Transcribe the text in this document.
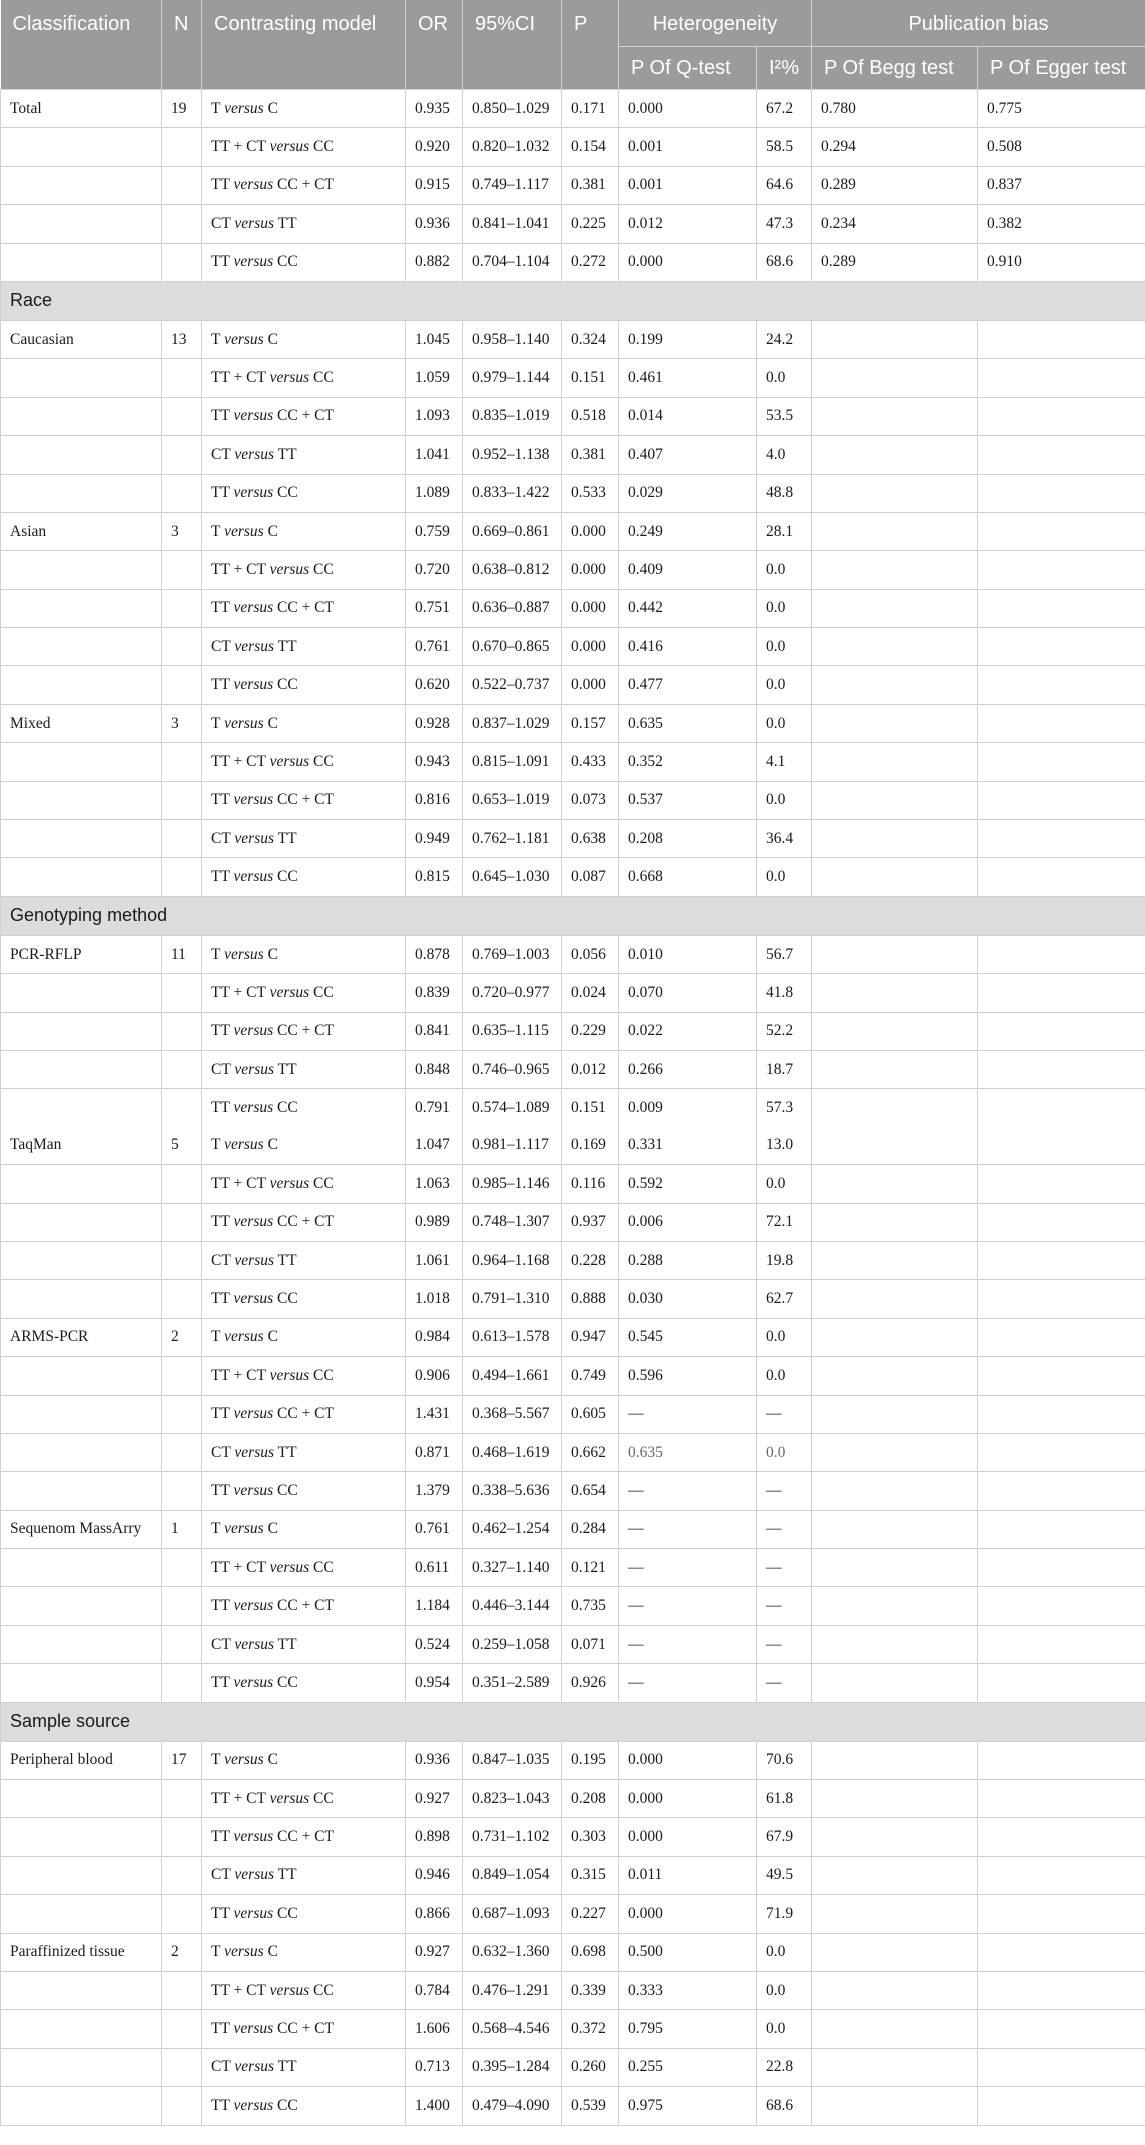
Classification	N	Contrasting model	OR	95%CI	P	Heterogeneity		Publication bias	
						P Of Q-test	I²%	P Of Begg test	P Of Egger test
Total	19	T versus C	0.935	0.850–1.029	0.171	0.000	67.2	0.780	0.775
		TT + CT versus CC	0.920	0.820–1.032	0.154	0.001	58.5	0.294	0.508
		TT versus CC + CT	0.915	0.749–1.117	0.381	0.001	64.6	0.289	0.837
		CT versus TT	0.936	0.841–1.041	0.225	0.012	47.3	0.234	0.382
		TT versus CC	0.882	0.704–1.104	0.272	0.000	68.6	0.289	0.910
Race									
Caucasian	13	T versus C	1.045	0.958–1.140	0.324	0.199	24.2		
		TT + CT versus CC	1.059	0.979–1.144	0.151	0.461	0.0		
		TT versus CC + CT	1.093	0.835–1.019	0.518	0.014	53.5		
		CT versus TT	1.041	0.952–1.138	0.381	0.407	4.0		
		TT versus CC	1.089	0.833–1.422	0.533	0.029	48.8		
Asian	3	T versus C	0.759	0.669–0.861	0.000	0.249	28.1		
		TT + CT versus CC	0.720	0.638–0.812	0.000	0.409	0.0		
		TT versus CC + CT	0.751	0.636–0.887	0.000	0.442	0.0		
		CT versus TT	0.761	0.670–0.865	0.000	0.416	0.0		
		TT versus CC	0.620	0.522–0.737	0.000	0.477	0.0		
Mixed	3	T versus C	0.928	0.837–1.029	0.157	0.635	0.0		
		TT + CT versus CC	0.943	0.815–1.091	0.433	0.352	4.1		
		TT versus CC + CT	0.816	0.653–1.019	0.073	0.537	0.0		
		CT versus TT	0.949	0.762–1.181	0.638	0.208	36.4		
		TT versus CC	0.815	0.645–1.030	0.087	0.668	0.0		
Genotyping method									
PCR-RFLP	11	T versus C	0.878	0.769–1.003	0.056	0.010	56.7		
		TT + CT versus CC	0.839	0.720–0.977	0.024	0.070	41.8		
		TT versus CC + CT	0.841	0.635–1.115	0.229	0.022	52.2		
		CT versus TT	0.848	0.746–0.965	0.012	0.266	18.7		
		TT versus CC	0.791	0.574–1.089	0.151	0.009	57.3		
TaqMan	5	T versus C	1.047	0.981–1.117	0.169	0.331	13.0		
		TT + CT versus CC	1.063	0.985–1.146	0.116	0.592	0.0		
		TT versus CC + CT	0.989	0.748–1.307	0.937	0.006	72.1		
		CT versus TT	1.061	0.964–1.168	0.228	0.288	19.8		
		TT versus CC	1.018	0.791–1.310	0.888	0.030	62.7		
ARMS-PCR	2	T versus C	0.984	0.613–1.578	0.947	0.545	0.0		
		TT + CT versus CC	0.906	0.494–1.661	0.749	0.596	0.0		
		TT versus CC + CT	1.431	0.368–5.567	0.605	—	—		
		CT versus TT	0.871	0.468–1.619	0.662	0.635	0.0		
		TT versus CC	1.379	0.338–5.636	0.654	—	—		
Sequenom MassArry	1	T versus C	0.761	0.462–1.254	0.284	—	—		
		TT + CT versus CC	0.611	0.327–1.140	0.121	—	—		
		TT versus CC + CT	1.184	0.446–3.144	0.735	—	—		
		CT versus TT	0.524	0.259–1.058	0.071	—	—		
		TT versus CC	0.954	0.351–2.589	0.926	—	—		
Sample source									
Peripheral blood	17	T versus C	0.936	0.847–1.035	0.195	0.000	70.6		
		TT + CT versus CC	0.927	0.823–1.043	0.208	0.000	61.8		
		TT versus CC + CT	0.898	0.731–1.102	0.303	0.000	67.9		
		CT versus TT	0.946	0.849–1.054	0.315	0.011	49.5		
		TT versus CC	0.866	0.687–1.093	0.227	0.000	71.9		
Paraffinized tissue	2	T versus C	0.927	0.632–1.360	0.698	0.500	0.0		
		TT + CT versus CC	0.784	0.476–1.291	0.339	0.333	0.0		
		TT versus CC + CT	1.606	0.568–4.546	0.372	0.795	0.0		
		CT versus TT	0.713	0.395–1.284	0.260	0.255	22.8		
		TT versus CC	1.400	0.479–4.090	0.539	0.975	68.6		
